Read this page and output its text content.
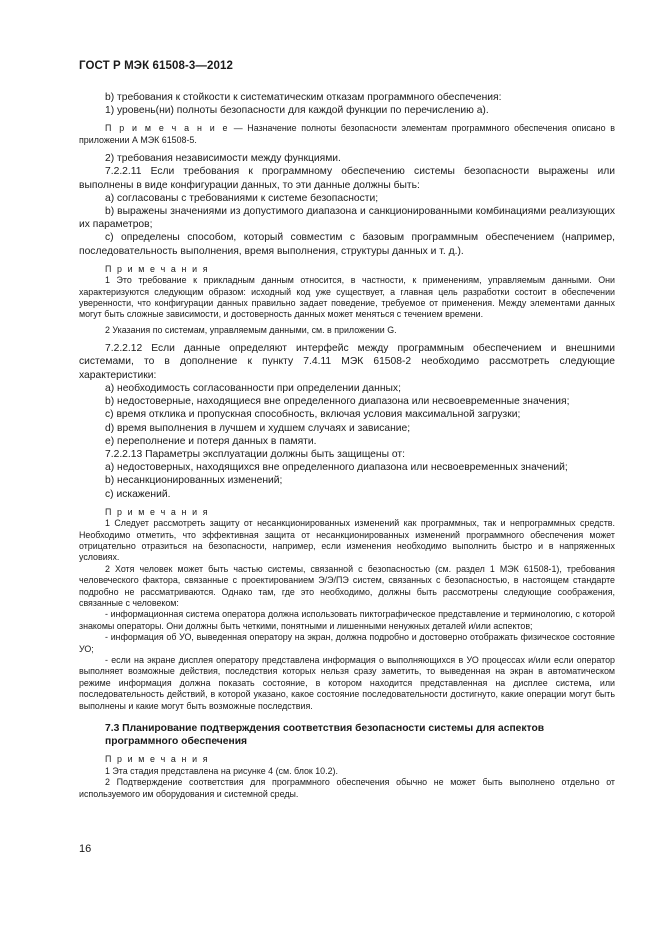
ГОСТ Р МЭК 61508-3—2012

b) требования к стойкости к систематическим отказам программного обеспечения:

1) уровень(ни) полноты безопасности для каждой функции по перечислению a).

П р и м е ч а н и е — Назначение полноты безопасности элементам программного обеспечения описано в приложении А МЭК 61508-5.

2) требования независимости между функциями.

7.2.2.11 Если требования к программному обеспечению системы безопасности выражены или выполнены в виде конфигурации данных, то эти данные должны быть:

a) согласованы с требованиями к системе безопасности;

b) выражены значениями из допустимого диапазона и санкционированными комбинациями реализующих их параметров;

c) определены способом, который совместим с базовым программным обеспечением (например, последовательность выполнения, время выполнения, структуры данных и т. д.).

П р и м е ч а н и я

1 Это требование к прикладным данным относится, в частности, к применениям, управляемым данными. Они характеризуются следующим образом: исходный код уже существует, а главная цель разработки состоит в обеспечении уверенности, что конфигурации данных правильно задает поведение, требуемое от применения. Между элементами данных могут быть сложные зависимости, и достоверность данных может меняться с течением времени.

2 Указания по системам, управляемым данными, см. в приложении G.

7.2.2.12 Если данные определяют интерфейс между программным обеспечением и внешними системами, то в дополнение к пункту 7.4.11 МЭК 61508-2 необходимо рассмотреть следующие характеристики:

a) необходимость согласованности при определении данных;

b) недостоверные, находящиеся вне определенного диапазона или несвоевременные значения;

c) время отклика и пропускная способность, включая условия максимальной загрузки;

d) время выполнения в лучшем и худшем случаях и зависание;

e) переполнение и потеря данных в памяти.

7.2.2.13 Параметры эксплуатации должны быть защищены от:

a) недостоверных, находящихся вне определенного диапазона или несвоевременных значений;

b) несанкционированных изменений;

c) искажений.

П р и м е ч а н и я

1 Следует рассмотреть защиту от несанкционированных изменений как программных, так и непрограммных средств. Необходимо отметить, что эффективная защита от несанкционированных изменений программного обеспечения может отрицательно отразиться на безопасности, например, если изменения необходимо выполнить быстро и в напряженных условиях.

2 Хотя человек может быть частью системы, связанной с безопасностью (см. раздел 1 МЭК 61508-1), требования человеческого фактора, связанные с проектированием Э/Э/ПЭ систем, связанных с безопасностью, в настоящем стандарте подробно не рассматриваются. Однако там, где это необходимо, должны быть рассмотрены следующие соображения, связанные с человеком:

- информационная система оператора должна использовать пиктографическое представление и терминологию, с которой знакомы операторы. Они должны быть четкими, понятными и лишенными ненужных деталей и/или аспектов;

- информация об УО, выведенная оператору на экран, должна подробно и достоверно отображать физическое состояние УО;

- если на экране дисплея оператору представлена информация о выполняющихся в УО процессах и/или если оператор выполняет возможные действия, последствия которых нельзя сразу заметить, то выведенная на экран в автоматическом режиме информация должна показать состояние, в котором находится представленная на дисплее система, или последовательность действий, в которой указано, какое состояние последовательности достигнуто, какие операции могут быть выполнены и какие могут быть возможные последствия.

7.3 Планирование подтверждения соответствия безопасности системы для аспектов программного обеспечения

П р и м е ч а н и я

1 Эта стадия представлена на рисунке 4 (см. блок 10.2).

2 Подтверждение соответствия для программного обеспечения обычно не может быть выполнено отдельно от используемого им оборудования и системной среды.

16
